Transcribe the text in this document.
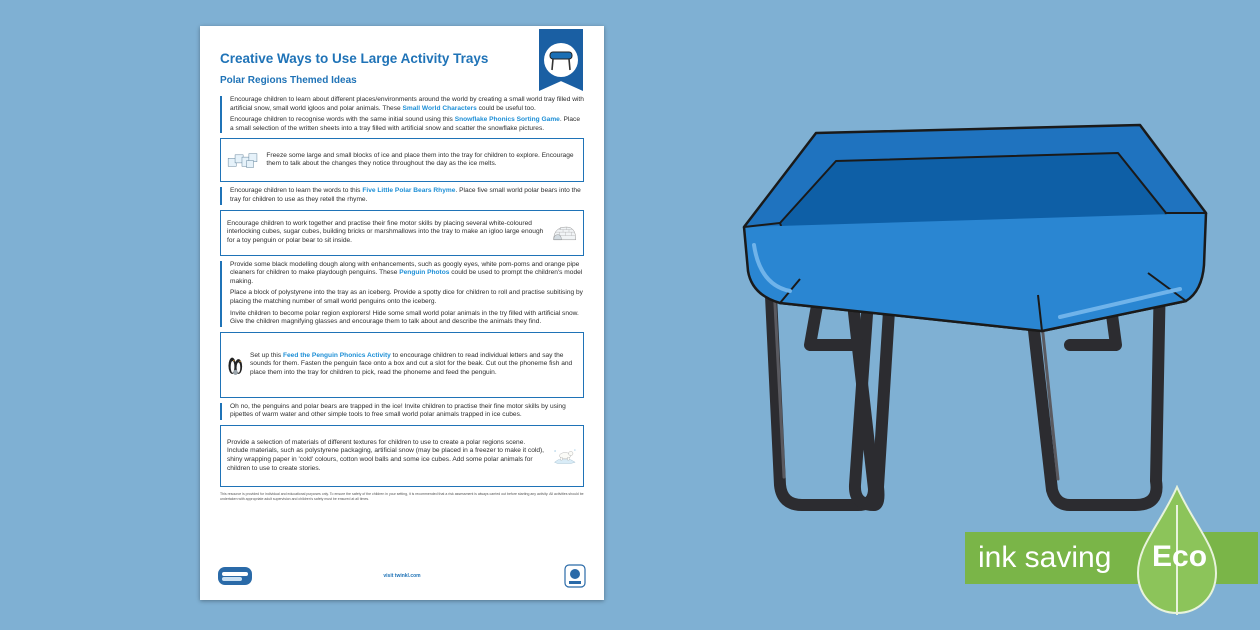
Creative Ways to Use Large Activity Trays
Polar Regions Themed Ideas
Encourage children to learn about different places/environments around the world by creating a small world tray filled with artificial snow, small world igloos and polar animals. These Small World Characters could be useful too.
Encourage children to recognise words with the same initial sound using this Snowflake Phonics Sorting Game. Place a small selection of the written sheets into a tray filled with artificial snow and scatter the snowflake pictures.
Freeze some large and small blocks of ice and place them into the tray for children to explore. Encourage them to talk about the changes they notice throughout the day as the ice melts.
Encourage children to learn the words to this Five Little Polar Bears Rhyme. Place five small world polar bears into the tray for children to use as they retell the rhyme.
Encourage children to work together and practise their fine motor skills by placing several white-coloured interlocking cubes, sugar cubes, building bricks or marshmallows into the tray to make an igloo large enough for a toy penguin or polar bear to sit inside.
Provide some black modelling dough along with enhancements, such as googly eyes, white pom-poms and orange pipe cleaners for children to make playdough penguins. These Penguin Photos could be used to prompt the children's model making.
Place a block of polystyrene into the tray as an iceberg. Provide a spotty dice for children to roll and practise subitising by placing the matching number of small world penguins onto the iceberg.
Invite children to become polar region explorers! Hide some small world polar animals in the try filled with artificial snow. Give the children magnifying glasses and encourage them to talk about and describe the animals they find.
Set up this Feed the Penguin Phonics Activity to encourage children to read individual letters and say the sounds for them. Fasten the penguin face onto a box and cut a slot for the beak. Cut out the phoneme fish and place them into the tray for children to pick, read the phoneme and feed the penguin.
Oh no, the penguins and polar bears are trapped in the ice! Invite children to practise their fine motor skills by using pipettes of warm water and other simple tools to free small world polar animals trapped in ice cubes.
Provide a selection of materials of different textures for children to use to create a polar regions scene. Include materials, such as polystyrene packaging, artificial snow (may be placed in a freezer to make it cold), shiny wrapping paper in 'cold' colours, cotton wool balls and some ice cubes. Add some polar animals for children to use to create stories.
❄ ❄
This resource is provided for individual and educational purposes only. To ensure the safety of the children in your setting, it is recommended that a risk assessment is always carried out before starting any activity. All activities should be undertaken with appropriate adult supervision and children's safety must be ensured at all times.
visit twinkl.com
ink saving Eco
